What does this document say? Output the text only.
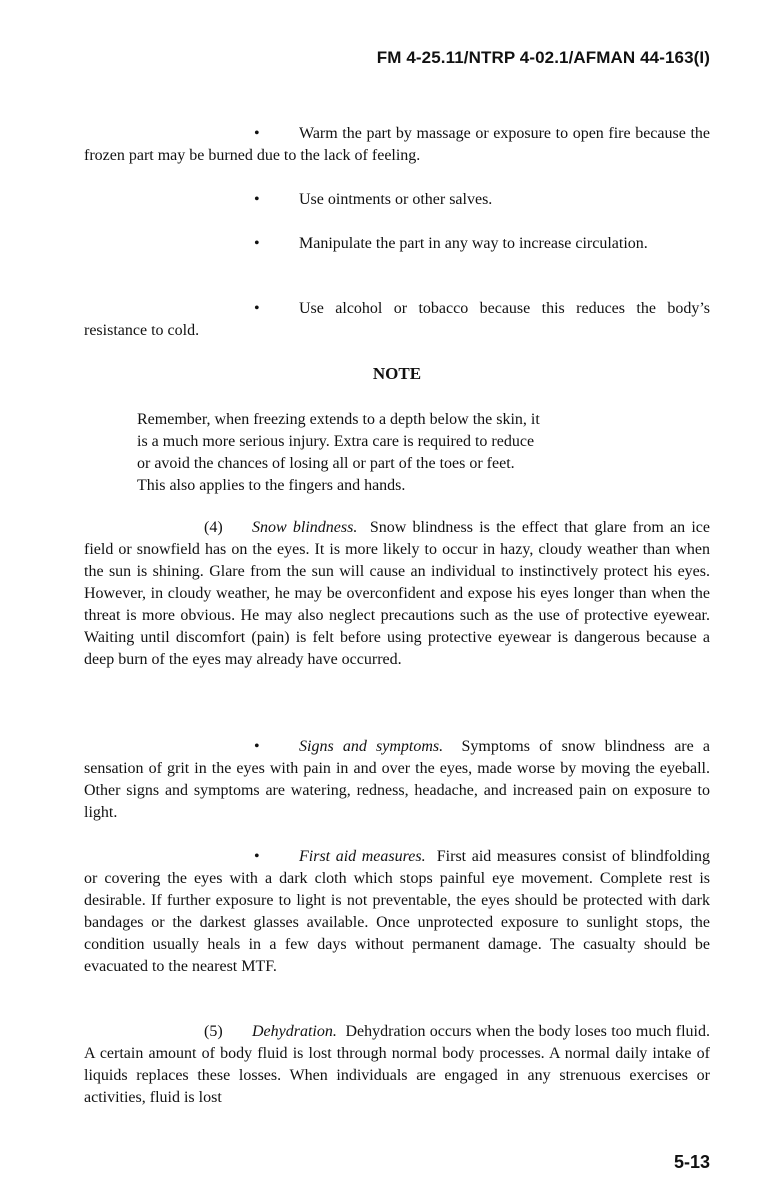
FM 4-25.11/NTRP 4-02.1/AFMAN 44-163(I)

• Warm the part by massage or exposure to open fire because the frozen part may be burned due to the lack of feeling.

• Use ointments or other salves.

• Manipulate the part in any way to increase circulation.

• Use alcohol or tobacco because this reduces the body’s resistance to cold.

NOTE

Remember, when freezing extends to a depth below the skin, it
is a much more serious injury. Extra care is required to reduce
or avoid the chances of losing all or part of the toes or feet.
This also applies to the fingers and hands.

(4) Snow blindness. Snow blindness is the effect that glare from an ice field or snowfield has on the eyes. It is more likely to occur in hazy, cloudy weather than when the sun is shining. Glare from the sun will cause an individual to instinctively protect his eyes. However, in cloudy weather, he may be overconfident and expose his eyes longer than when the threat is more obvious. He may also neglect precautions such as the use of protective eyewear. Waiting until discomfort (pain) is felt before using protective eyewear is dangerous because a deep burn of the eyes may already have occurred.

• Signs and symptoms. Symptoms of snow blindness are a sensation of grit in the eyes with pain in and over the eyes, made worse by moving the eyeball. Other signs and symptoms are watering, redness, headache, and increased pain on exposure to light.

• First aid measures. First aid measures consist of blindfolding or covering the eyes with a dark cloth which stops painful eye movement. Complete rest is desirable. If further exposure to light is not preventable, the eyes should be protected with dark bandages or the darkest glasses available. Once unprotected exposure to sunlight stops, the condition usually heals in a few days without permanent damage. The casualty should be evacuated to the nearest MTF.

(5) Dehydration. Dehydration occurs when the body loses too much fluid. A certain amount of body fluid is lost through normal body processes. A normal daily intake of liquids replaces these losses. When individuals are engaged in any strenuous exercises or activities, fluid is lost

5-13
